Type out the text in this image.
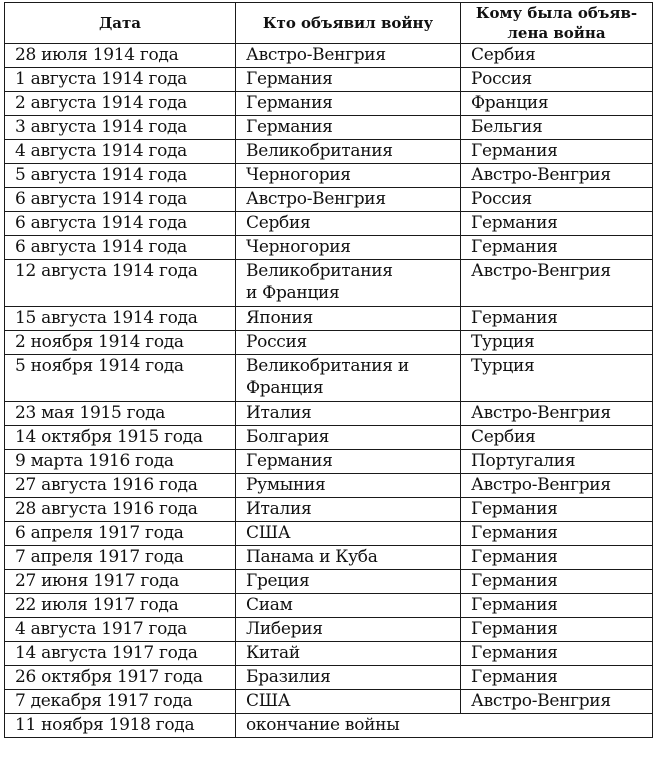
Дата	Кто объявил войну	Кому была объяв-лена война
28 июля 1914 года	Австро-Венгрия	Сербия
1 августа 1914 года	Германия	Россия
2 августа 1914 года	Германия	Франция
3 августа 1914 года	Германия	Бельгия
4 августа 1914 года	Великобритания	Германия
5 августа 1914 года	Черногория	Австро-Венгрия
6 августа 1914 года	Австро-Венгрия	Россия
6 августа 1914 года	Сербия	Германия
6 августа 1914 года	Черногория	Германия
12 августа 1914 года	Великобритания и Франция	Австро-Венгрия
15 августа 1914 года	Япония	Германия
2 ноября 1914 года	Россия	Турция
5 ноября 1914 года	Великобритания и Франция	Турция
23 мая 1915 года	Италия	Австро-Венгрия
14 октября 1915 года	Болгария	Сербия
9 марта 1916 года	Германия	Португалия
27 августа 1916 года	Румыния	Австро-Венгрия
28 августа 1916 года	Италия	Германия
6 апреля 1917 года	США	Германия
7 апреля 1917 года	Панама и Куба	Германия
27 июня 1917 года	Греция	Германия
22 июля 1917 года	Сиам	Германия
4 августа 1917 года	Либерия	Германия
14 августа 1917 года	Китай	Германия
26 октября 1917 года	Бразилия	Германия
7 декабря 1917 года	США	Австро-Венгрия
11 ноября 1918 года	окончание войны	
